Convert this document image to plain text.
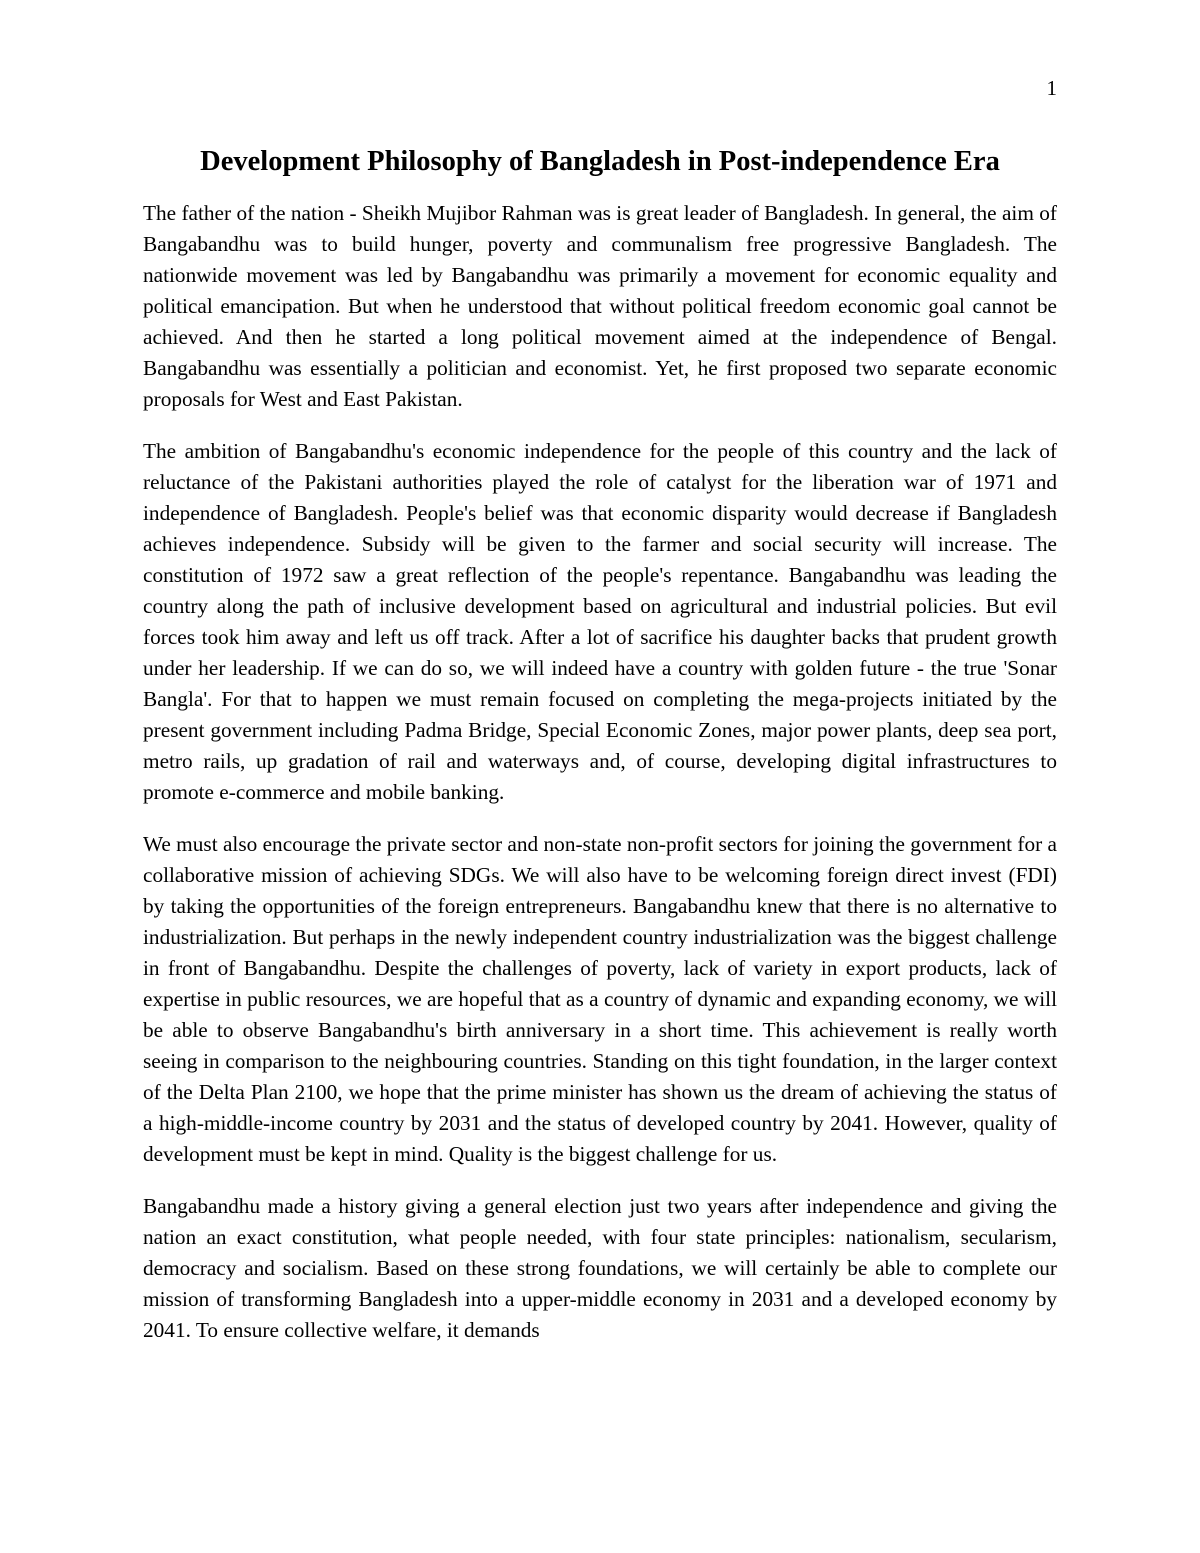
1
Development Philosophy of Bangladesh in Post-independence Era

The father of the nation - Sheikh Mujibor Rahman was is great leader of Bangladesh. In general, the aim of Bangabandhu was to build hunger, poverty and communalism free progressive Bangladesh. The nationwide movement was led by Bangabandhu was primarily a movement for economic equality and political emancipation. But when he understood that without political freedom economic goal cannot be achieved. And then he started a long political movement aimed at the independence of Bengal. Bangabandhu was essentially a politician and economist. Yet, he first proposed two separate economic proposals for West and East Pakistan.

The ambition of Bangabandhu's economic independence for the people of this country and the lack of reluctance of the Pakistani authorities played the role of catalyst for the liberation war of 1971 and independence of Bangladesh. People's belief was that economic disparity would decrease if Bangladesh achieves independence. Subsidy will be given to the farmer and social security will increase. The constitution of 1972 saw a great reflection of the people's repentance. Bangabandhu was leading the country along the path of inclusive development based on agricultural and industrial policies. But evil forces took him away and left us off track. After a lot of sacrifice his daughter backs that prudent growth under her leadership. If we can do so, we will indeed have a country with golden future - the true 'Sonar Bangla'. For that to happen we must remain focused on completing the mega-projects initiated by the present government including Padma Bridge, Special Economic Zones, major power plants, deep sea port, metro rails, up gradation of rail and waterways and, of course, developing digital infrastructures to promote e-commerce and mobile banking.

We must also encourage the private sector and non-state non-profit sectors for joining the government for a collaborative mission of achieving SDGs. We will also have to be welcoming foreign direct invest (FDI) by taking the opportunities of the foreign entrepreneurs. Bangabandhu knew that there is no alternative to industrialization. But perhaps in the newly independent country industrialization was the biggest challenge in front of Bangabandhu. Despite the challenges of poverty, lack of variety in export products, lack of expertise in public resources, we are hopeful that as a country of dynamic and expanding economy, we will be able to observe Bangabandhu's birth anniversary in a short time. This achievement is really worth seeing in comparison to the neighbouring countries. Standing on this tight foundation, in the larger context of the Delta Plan 2100, we hope that the prime minister has shown us the dream of achieving the status of a high-middle-income country by 2031 and the status of developed country by 2041. However, quality of development must be kept in mind. Quality is the biggest challenge for us.

Bangabandhu made a history giving a general election just two years after independence and giving the nation an exact constitution, what people needed, with four state principles: nationalism, secularism, democracy and socialism. Based on these strong foundations, we will certainly be able to complete our mission of transforming Bangladesh into a upper-middle economy in 2031 and a developed economy by 2041. To ensure collective welfare, it demands
